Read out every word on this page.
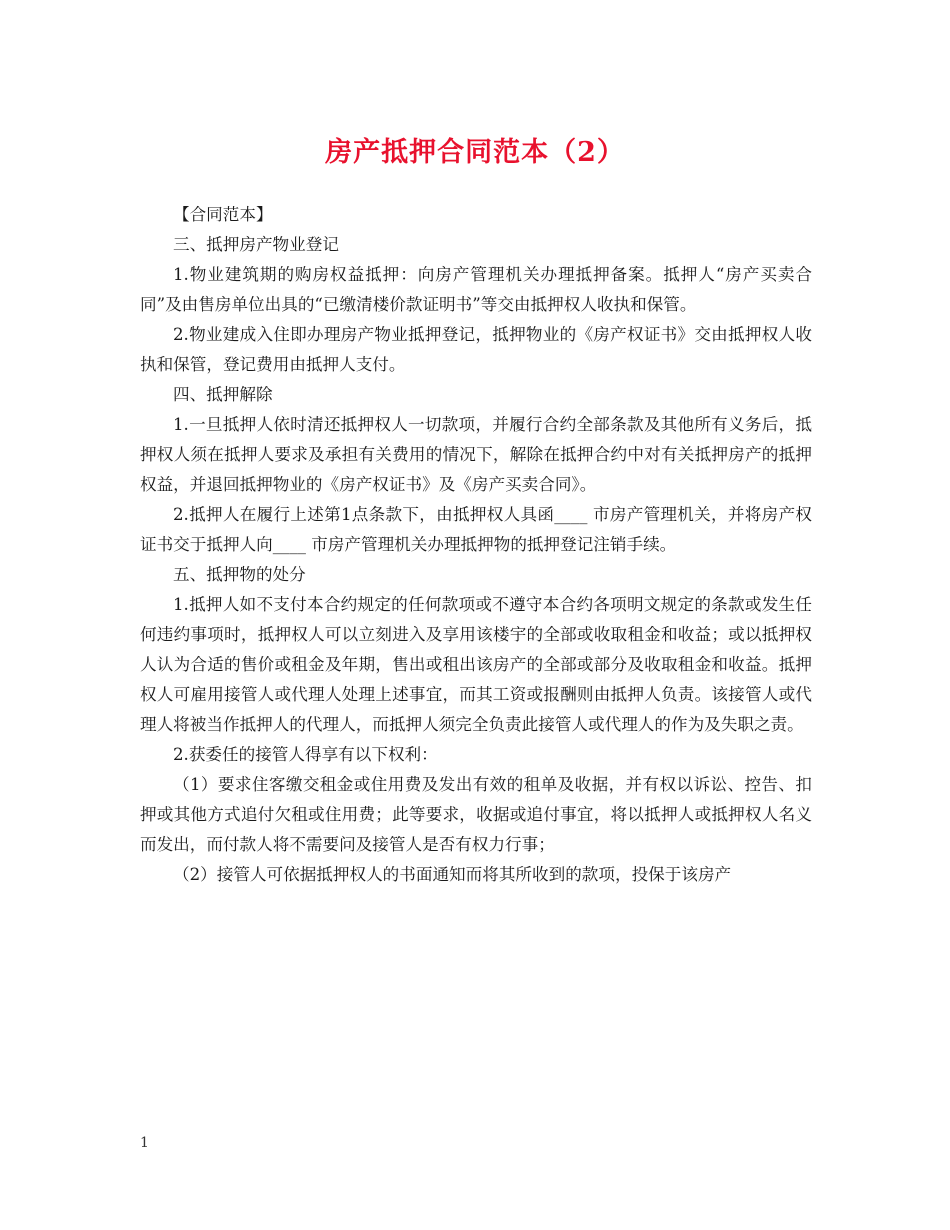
房产抵押合同范本（2）

【合同范本】

三、抵押房产物业登记

1.物业建筑期的购房权益抵押：向房产管理机关办理抵押备案。抵押人“房产买卖合同”及由售房单位出具的“已缴清楼价款证明书”等交由抵押权人收执和保管。

2.物业建成入住即办理房产物业抵押登记，抵押物业的《房产权证书》交由抵押权人收执和保管，登记费用由抵押人支付。

四、抵押解除

1.一旦抵押人依时清还抵押权人一切款项，并履行合约全部条款及其他所有义务后，抵押权人须在抵押人要求及承担有关费用的情况下，解除在抵押合约中对有关抵押房产的抵押权益，并退回抵押物业的《房产权证书》及《房产买卖合同》。

2.抵押人在履行上述第1点条款下，由抵押权人具函____ 市房产管理机关，并将房产权证书交于抵押人向____ 市房产管理机关办理抵押物的抵押登记注销手续。

五、抵押物的处分

1.抵押人如不支付本合约规定的任何款项或不遵守本合约各项明文规定的条款或发生任何违约事项时，抵押权人可以立刻进入及享用该楼宇的全部或收取租金和收益；或以抵押权人认为合适的售价或租金及年期，售出或租出该房产的全部或部分及收取租金和收益。抵押权人可雇用接管人或代理人处理上述事宜，而其工资或报酬则由抵押人负责。该接管人或代理人将被当作抵押人的代理人，而抵押人须完全负责此接管人或代理人的作为及失职之责。

2.获委任的接管人得享有以下权利：

（1）要求住客缴交租金或住用费及发出有效的租单及收据，并有权以诉讼、控告、扣押或其他方式追付欠租或住用费；此等要求，收据或追付事宜，将以抵押人或抵押权人名义而发出，而付款人将不需要问及接管人是否有权力行事；

（2）接管人可依据抵押权人的书面通知而将其所收到的款项，投保于该房产

1
